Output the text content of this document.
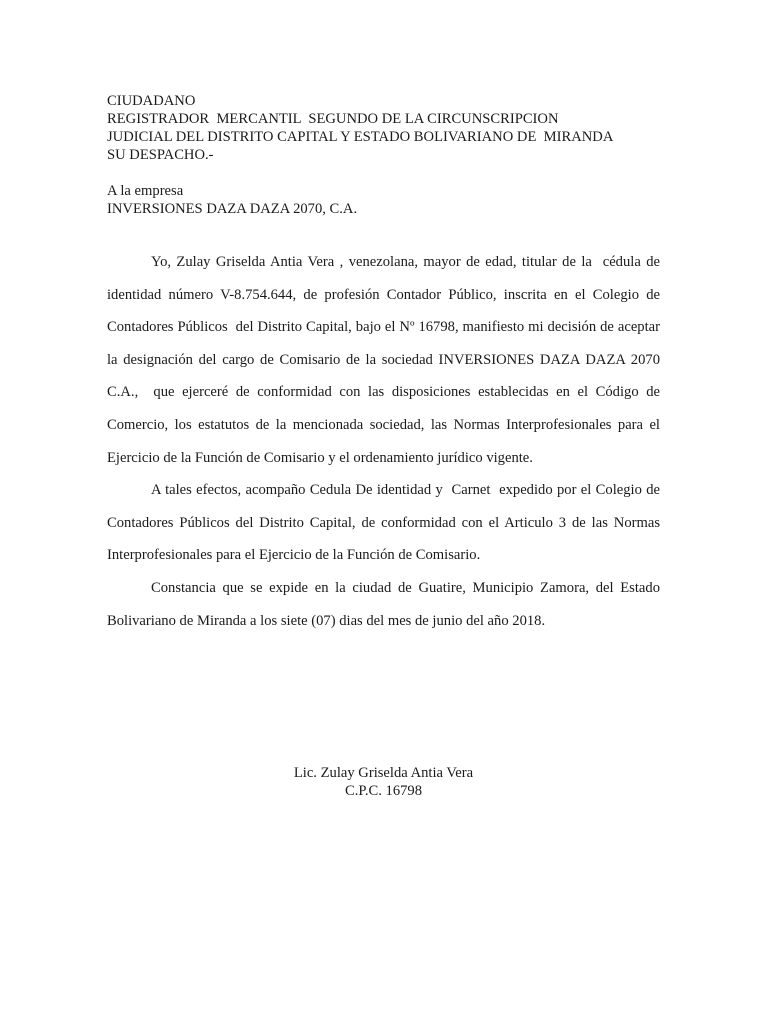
CIUDADANO
REGISTRADOR  MERCANTIL  SEGUNDO DE LA CIRCUNSCRIPCION
JUDICIAL DEL DISTRITO CAPITAL Y ESTADO BOLIVARIANO DE  MIRANDA
SU DESPACHO.-
A la empresa
INVERSIONES DAZA DAZA 2070, C.A.

Yo, Zulay Griselda Antia Vera , venezolana, mayor de edad, titular de la  cédula de identidad número V-8.754.644, de profesión Contador Público, inscrita en el Colegio de Contadores Públicos  del Distrito Capital, bajo el Nº 16798, manifiesto mi decisión de aceptar la designación del cargo de Comisario de la sociedad INVERSIONES DAZA DAZA 2070 C.A.,  que ejerceré de conformidad con las disposiciones establecidas en el Código de Comercio, los estatutos de la mencionada sociedad, las Normas Interprofesionales para el Ejercicio de la Función de Comisario y el ordenamiento jurídico vigente.

A tales efectos, acompaño Cedula De identidad y  Carnet  expedido por el Colegio de Contadores Públicos del Distrito Capital, de conformidad con el Articulo 3 de las Normas Interprofesionales para el Ejercicio de la Función de Comisario.

Constancia que se expide en la ciudad de Guatire, Municipio Zamora, del Estado Bolivariano de Miranda a los siete (07) dias del mes de junio del año 2018.

Lic. Zulay Griselda Antia Vera
C.P.C. 16798
